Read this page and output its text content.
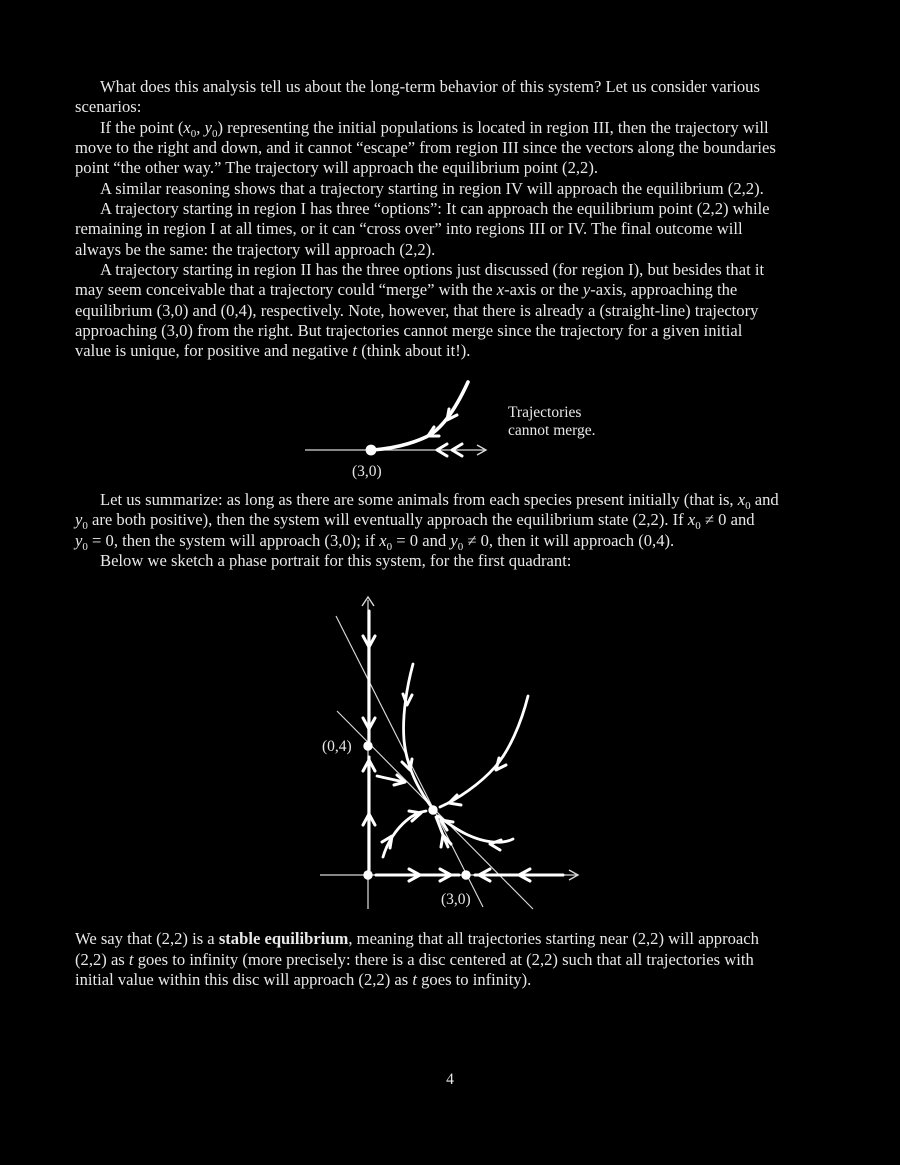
What does this analysis tell us about the long-term behavior of this system? Let us consider various
scenarios:
If the point ($x_0$, $y_0$) representing the initial populations is located in region III, then the trajectory will
move to the right and down, and it cannot “escape” from region III since the vectors along the boundaries
point “the other way.” The trajectory will approach the equilibrium point (2,2).
A similar reasoning shows that a trajectory starting in region IV will approach the equilibrium (2,2).
A trajectory starting in region I has three “options”: It can approach the equilibrium point (2,2) while
remaining in region I at all times, or it can “cross over” into regions III or IV. The final outcome will
always be the same: the trajectory will approach (2,2).
A trajectory starting in region II has the three options just discussed (for region I), but besides that it
may seem conceivable that a trajectory could “merge” with the x-axis or the y-axis, approaching the
equilibrium (3,0) and (0,4), respectively. Note, however, that there is already a (straight-line) trajectory
approaching (3,0) from the right. But trajectories cannot merge since the trajectory for a given initial
value is unique, for positive and negative t (think about it!).
(3,0)
Trajectories
cannot merge.
Let us summarize: as long as there are some animals from each species present initially (that is, $x_0$ and
$y_0$ are both positive), then the system will eventually approach the equilibrium state (2,2). If $x_0 \ne 0$ and
$y_0 = 0$, then the system will approach (3,0); if $x_0 = 0$ and $y_0 \ne 0$, then it will approach (0,4).
Below we sketch a phase portrait for this system, for the first quadrant:
(0,4)
(3,0)
We say that (2,2) is a stable equilibrium, meaning that all trajectories starting near (2,2) will approach
(2,2) as t goes to infinity (more precisely: there is a disc centered at (2,2) such that all trajectories with
initial value within this disc will approach (2,2) as t goes to infinity).
4
